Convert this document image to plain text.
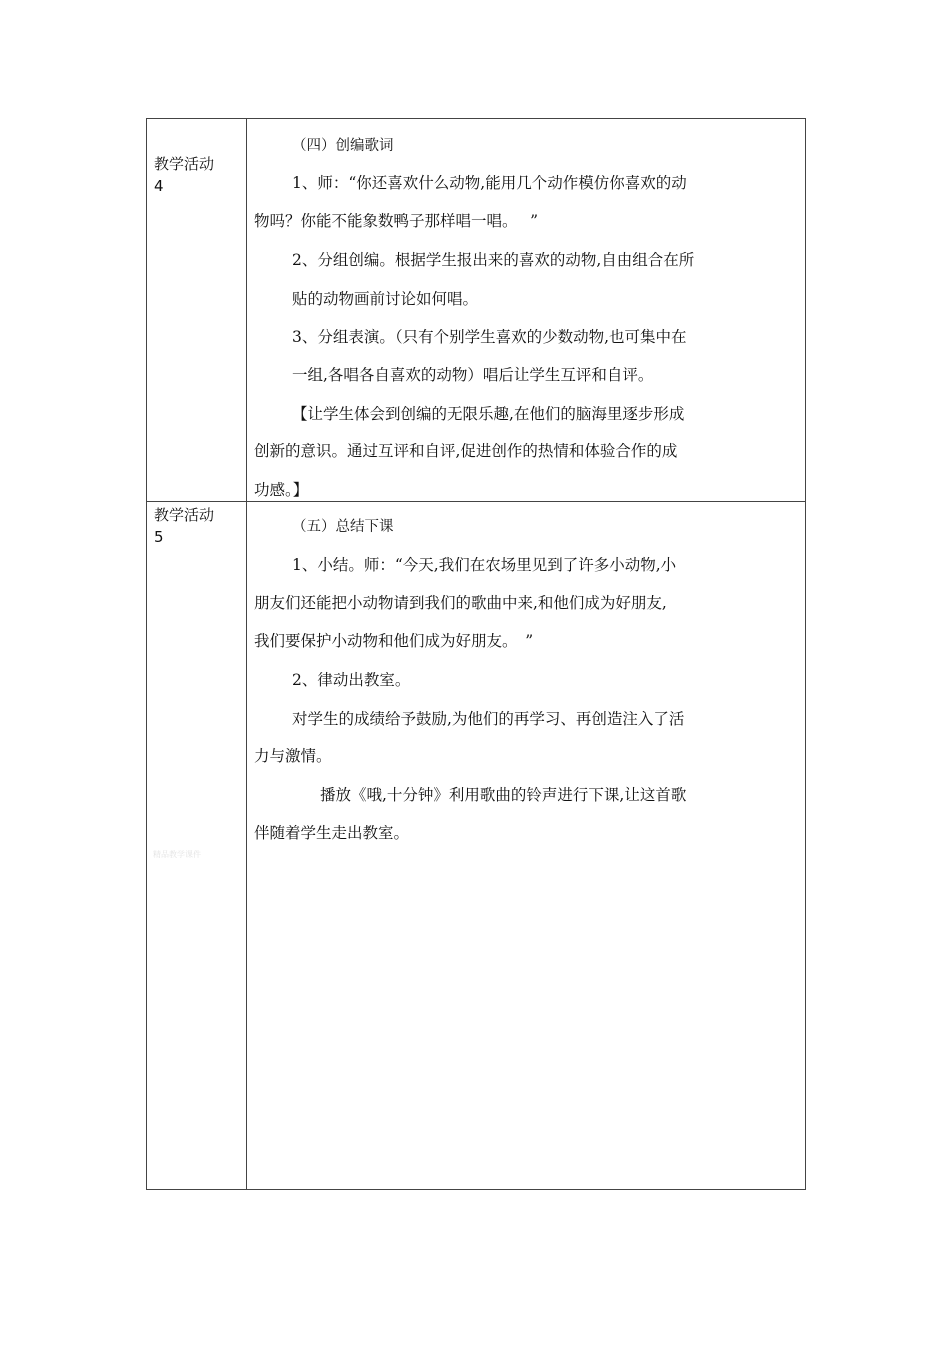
教学活动
4
（四）创编歌词
1、师：“你还喜欢什么动物,能用几个动作模仿你喜欢的动
物吗？你能不能象数鸭子那样唱一唱。　 ”
2、分组创编。根据学生报出来的喜欢的动物,自由组合在所
贴的动物画前讨论如何唱。
3、分组表演。（只有个别学生喜欢的少数动物,也可集中在
一组,各唱各自喜欢的动物）唱后让学生互评和自评。
【让学生体会到创编的无限乐趣,在他们的脑海里逐步形成
创新的意识。通过互评和自评,促进创作的热情和体验合作的成
功感。】
教学活动
5
（五）总结下课
1、小结。师：“今天,我们在农场里见到了许多小动物,小
朋友们还能把小动物请到我们的歌曲中来,和他们成为好朋友,
我们要保护小动物和他们成为好朋友。　”
2、律动出教室。
对学生的成绩给予鼓励,为他们的再学习、再创造注入了活
力与激情。
播放《哦,十分钟》利用歌曲的铃声进行下课,让这首歌
伴随着学生走出教室。
精品教学课件
